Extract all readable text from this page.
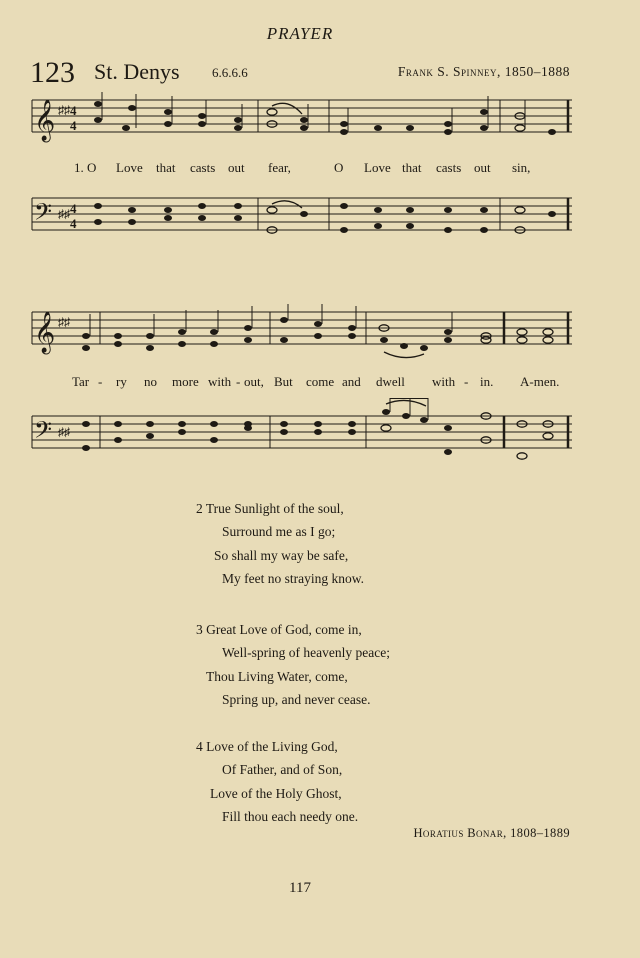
PRAYER
123 St. Denys 6.6.6.6	Frank S. Spinney, 1850–1888
𝄞 ♯♯ 4
4
1. O Love that casts out fear,	O Love that casts out sin,
𝄢 ♯♯ 4
4
𝄞 ♯♯
Tar - ry no more with - out, But come and dwell with - in. A-men.
𝄢 ♯♯
2 True Sunlight of the soul,
Surround me as I go;
So shall my way be safe,
My feet no straying know.
3 Great Love of God, come in,
Well-spring of heavenly peace;
Thou Living Water, come,
Spring up, and never cease.
4 Love of the Living God,
Of Father, and of Son,
Love of the Holy Ghost,
Fill thou each needy one.
Horatius Bonar, 1808–1889
117
